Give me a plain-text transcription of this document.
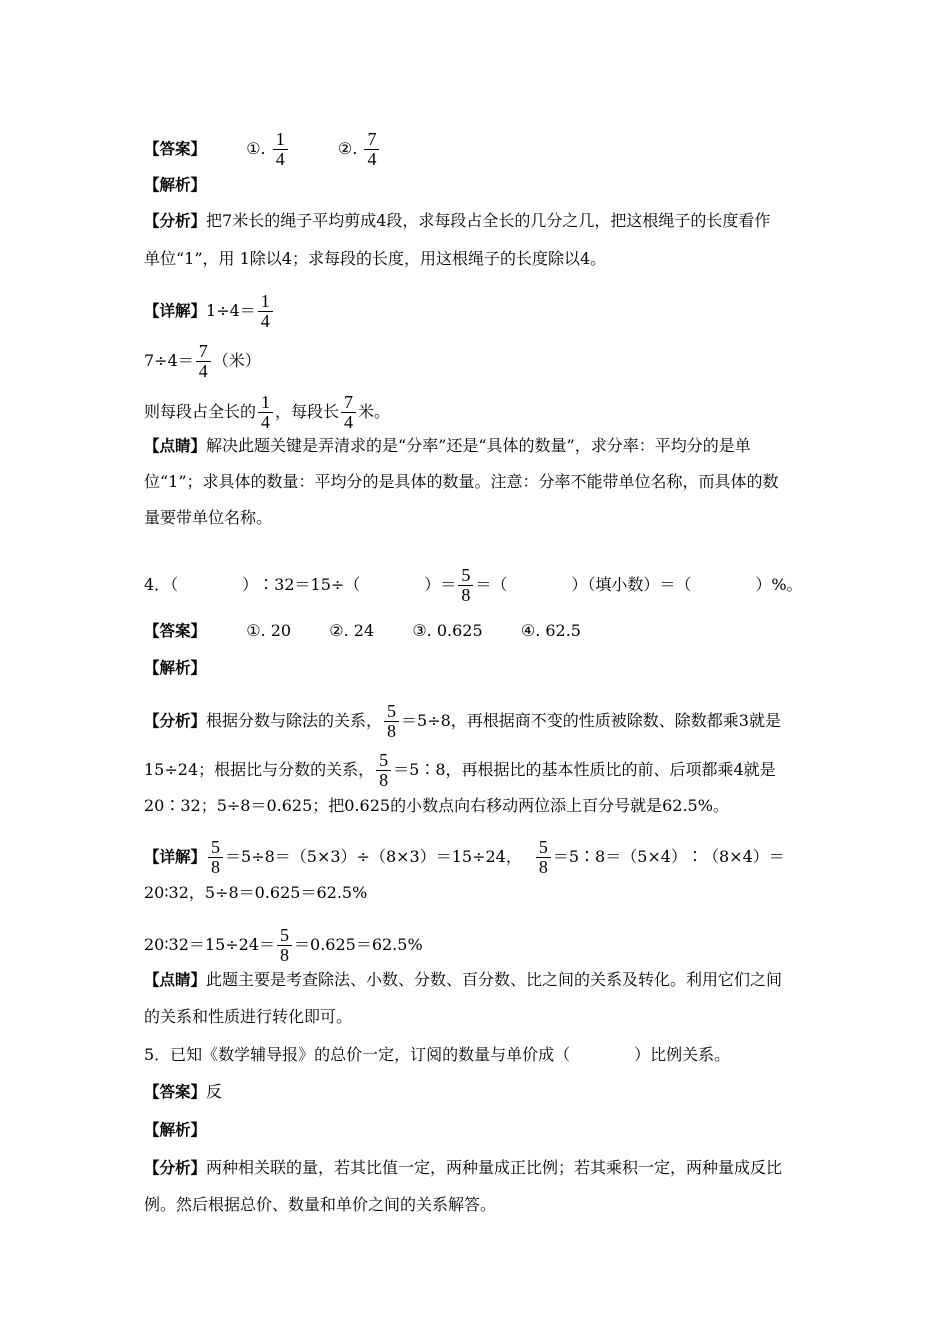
【答案】	①. $\frac{1}{4}$	②. $\frac{7}{4}$
【解析】
【分析】把7米长的绳子平均剪成4段，求每段占全长的几分之几，把这根绳子的长度看作
单位“1”，用 1除以4；求每段的长度，用这根绳子的长度除以4。
【详解】$1\div 4= \frac{1}{4}$
$7\div 4= \frac{7}{4}$ （米）
则每段占全长的 $\frac{1}{4}$ ，每段长 $\frac{7}{4}$ 米。
【点睛】解决此题关键是弄清求的是“分率”还是“具体的数量”，求分率：平均分的是单
位“1”；求具体的数量：平均分的是具体的数量。注意：分率不能带单位名称，而具体的数
量要带单位名称。
4．（　　　　）∶32＝15÷（　　　　）＝ $\frac{5}{8}$ ＝（　　　　）（填小数）＝（　　　　）%。
【答案】	①. 20 ②. 24 ③. 0.625 ④. 62.5
【解析】
【分析】根据分数与除法的关系， $\frac{5}{8} =5\div 8$，再根据商不变的性质被除数、除数都乘3就是
15÷24；根据比与分数的关系， $\frac{5}{8}$ ＝5∶8，再根据比的基本性质比的前、后项都乘4就是
20∶32；5÷8＝0.625；把0.625的小数点向右移动两位添上百分号就是62.5%。
【详解】 $\frac{5}{8} =5\div 8=(5\times 3)\div(8\times 3)=15\div 24$， $\frac{5}{8}$ ＝5∶8＝（5×4）∶（8×4）＝
20∶32，5÷8＝0.625＝62.5%
20∶32＝15÷24＝ $\frac{5}{8} =0.625=62.5\%$
【点睛】此题主要是考查除法、小数、分数、百分数、比之间的关系及转化。利用它们之间
的关系和性质进行转化即可。
5．已知《数学辅导报》的总价一定，订阅的数量与单价成（　　　　）比例关系。
【答案】反
【解析】
【分析】两种相关联的量，若其比值一定，两种量成正比例；若其乘积一定，两种量成反比
例。然后根据总价、数量和单价之间的关系解答。
